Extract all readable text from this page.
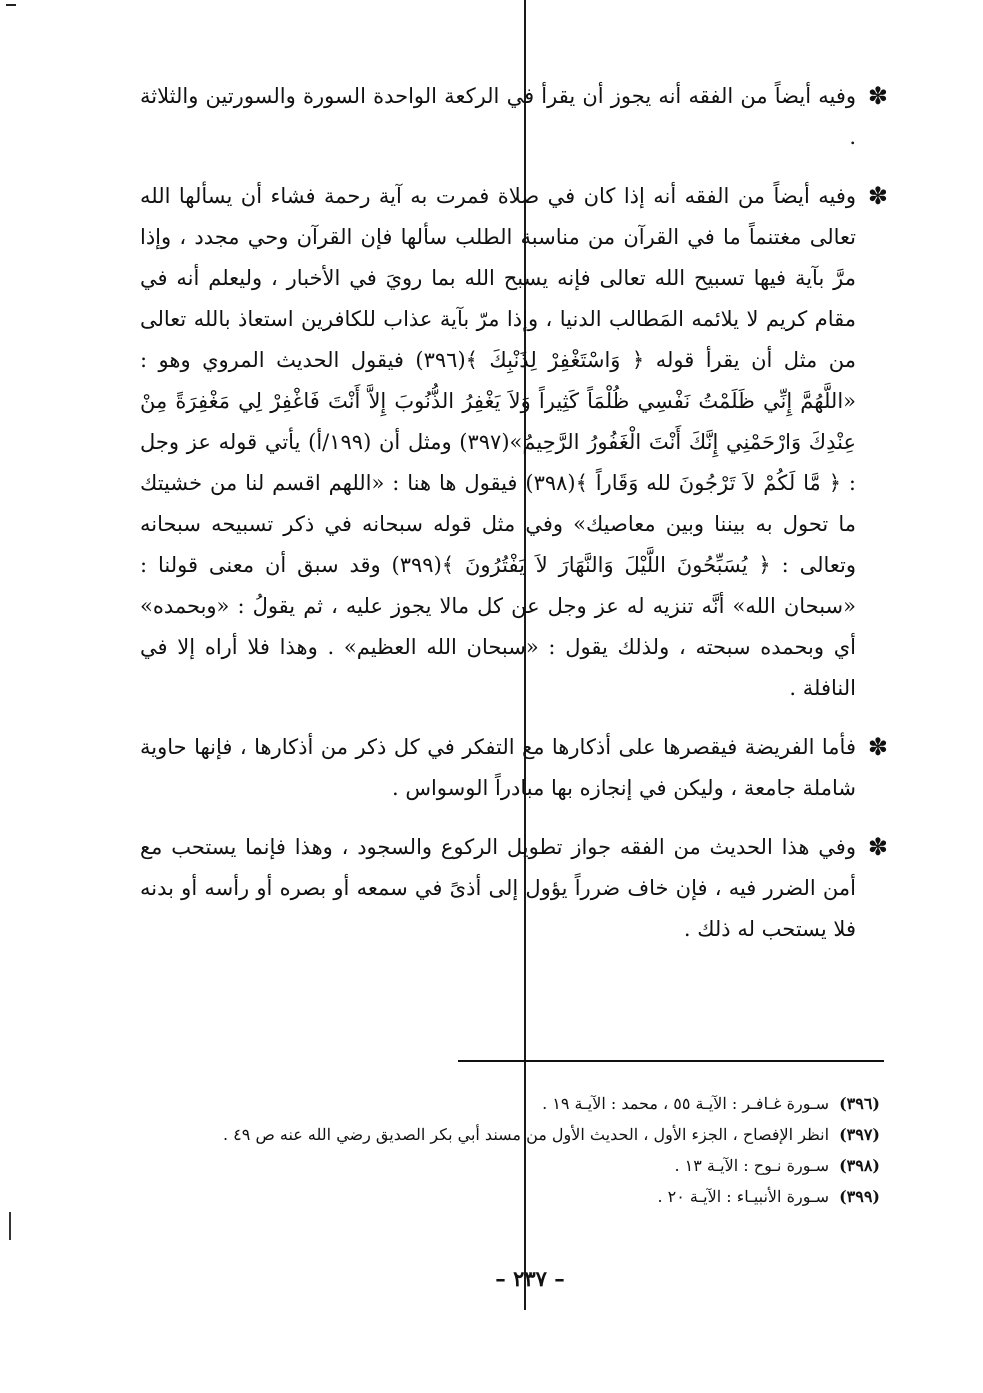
✽
وفيه أيضاً من الفقه أنه يجوز أن يقرأ في الركعة الواحدة السورة والسورتين والثلاثة .
✽
وفيه أيضاً من الفقه أنه إذا كان في صلاة فمرت به آية رحمة فشاء أن يسألها الله تعالى مغتنماً ما في القرآن من مناسبة الطلب سألها فإن القرآن وحي مجدد ، وإذا مرَّ بآية فيها تسبيح الله تعالى فإنه يسبح الله بما رويَ في الأخبار ، وليعلم أنه في مقام كريم لا يلائمه المَطالب الدنيا ، وإذا مرّ بآية عذاب للكافرين استعاذ بالله تعالى من مثل أن يقرأ قوله ﴿ وَاسْتَغْفِرْ لِذَنْبِكَ ﴾(٣٩٦) فيقول الحديث المروي وهو : «اللَّهُمَّ إِنِّي ظَلَمْتُ نَفْسِي ظُلْمَاً كَثِيراً وَلاَ يَغْفِرُ الذُّنُوبَ إِلاَّ أَنْتَ فَاغْفِرْ لِي مَغْفِرَةً مِنْ عِنْدِكَ وَارْحَمْنِي إِنَّكَ أَنْتَ الْغَفُورُ الرَّحِيمُ»(٣٩٧) ومثل أن (١٩٩/أ) يأتي قوله عز وجل : ﴿ مَّا لَكُمْ لاَ تَرْجُونَ لله وَقَاراً ﴾(٣٩٨) فيقول ها هنا : «اللهم اقسم لنا من خشيتك ما تحول به بيننا وبين معاصيك» وفي مثل قوله سبحانه في ذكر تسبيحه سبحانه وتعالى : ﴿ يُسَبِّحُونَ اللَّيْلَ وَالنَّهَارَ لاَ يَفْتُرُونَ ﴾(٣٩٩) وقد سبق أن معنى قولنا : «سبحان الله» أنَّه تنزيه له عز وجل عن كل مالا يجوز عليه ، ثم يقولُ : «وبحمده» أي وبحمده سبحته ، ولذلك يقول : «سبحان الله العظيم» . وهذا فلا أراه إلا في النافلة .
✽
فأما الفريضة فيقصرها على أذكارها مع التفكر في كل ذكر من أذكارها ، فإنها حاوية شاملة جامعة ، وليكن في إنجازه بها مبادراً الوسواس .
✽
وفي هذا الحديث من الفقه جواز تطويل الركوع والسجود ، وهذا فإنما يستحب مع أمن الضرر فيه ، فإن خاف ضرراً يؤول إلى أذىً في سمعه أو بصره أو رأسه أو بدنه فلا يستحب له ذلك .
(٣٩٦)
سـورة غـافـر : الآيـة ٥٥ ، محمد : الآيـة ١٩ .
(٣٩٧)
انظر الإفصاح ، الجزء الأول ، الحديث الأول من مسند أبي بكر الصديق رضي الله عنه ص ٤٩ .
(٣٩٨)
سـورة نـوح : الآيـة ١٣ .
(٣٩٩)
سـورة الأنبيـاء : الآيـة ٢٠ .
– ٢٣٧ –
